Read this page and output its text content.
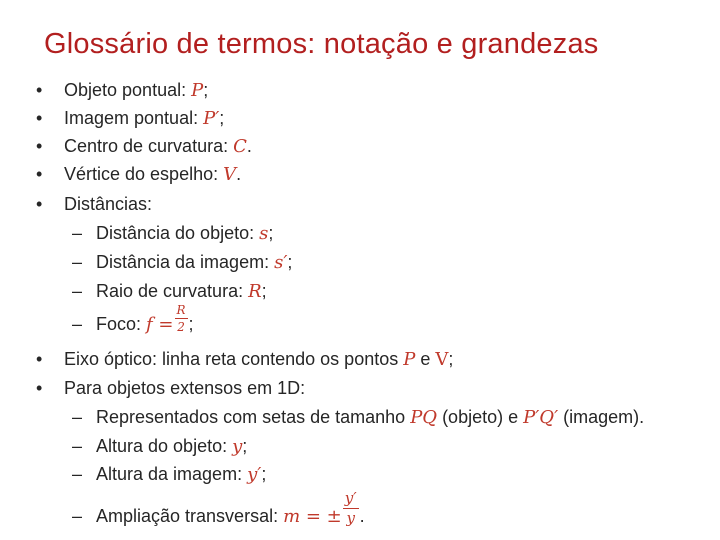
Glossário de termos: notação e grandezas
•	Objeto pontual: P;
•	Imagem pontual: P′;
•	Centro de curvatura: C.
•	Vértice do espelho: V.
•	Distâncias:
– Distância do objeto: s;
– Distância da imagem: s′;
– Raio de curvatura: R;
– Foco: $f = \frac{R}{2}$ ;
•	Eixo óptico: linha reta contendo os pontos P e V;
•	Para objetos extensos em 1D:
– Representados com setas de tamanho PQ (objeto) e P′Q′ (imagem).
– Altura do objeto: y;
– Altura da imagem: y′;
– Ampliação transversal: m = ± $\frac{y'}{y}$ .
